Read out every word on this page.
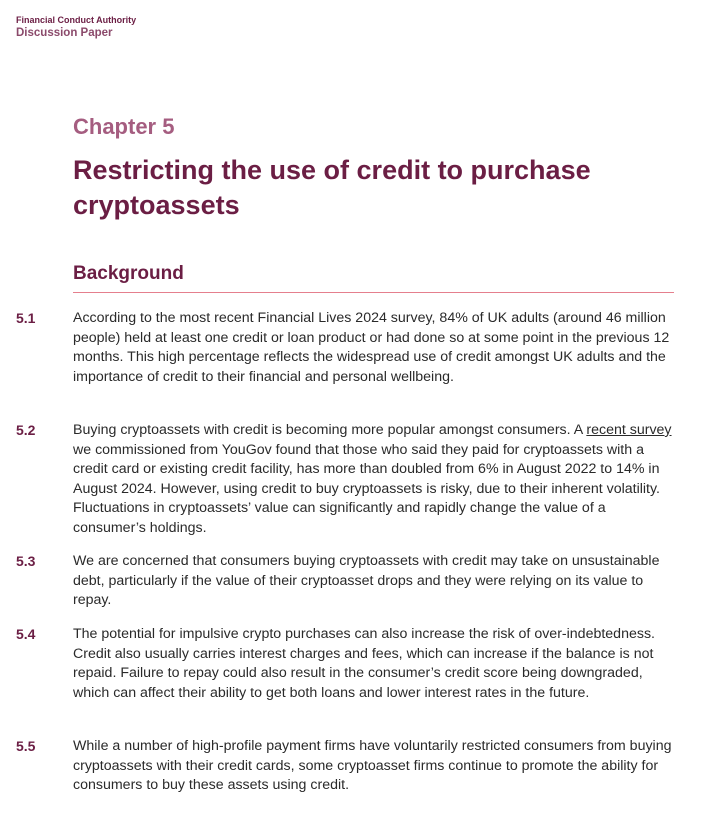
Financial Conduct Authority
Discussion Paper
Chapter 5
Restricting the use of credit to purchase cryptoassets
Background
5.1	According to the most recent Financial Lives 2024 survey, 84% of UK adults (around 46 million people) held at least one credit or loan product or had done so at some point in the previous 12 months. This high percentage reflects the widespread use of credit amongst UK adults and the importance of credit to their financial and personal wellbeing.
5.2	Buying cryptoassets with credit is becoming more popular amongst consumers. A recent survey we commissioned from YouGov found that those who said they paid for cryptoassets with a credit card or existing credit facility, has more than doubled from 6% in August 2022 to 14% in August 2024. However, using credit to buy cryptoassets is risky, due to their inherent volatility. Fluctuations in cryptoassets’ value can significantly and rapidly change the value of a consumer’s holdings.
5.3	We are concerned that consumers buying cryptoassets with credit may take on unsustainable debt, particularly if the value of their cryptoasset drops and they were relying on its value to repay.
5.4	The potential for impulsive crypto purchases can also increase the risk of over-indebtedness. Credit also usually carries interest charges and fees, which can increase if the balance is not repaid. Failure to repay could also result in the consumer’s credit score being downgraded, which can affect their ability to get both loans and lower interest rates in the future.
5.5	While a number of high-profile payment firms have voluntarily restricted consumers from buying cryptoassets with their credit cards, some cryptoasset firms continue to promote the ability for consumers to buy these assets using credit.
